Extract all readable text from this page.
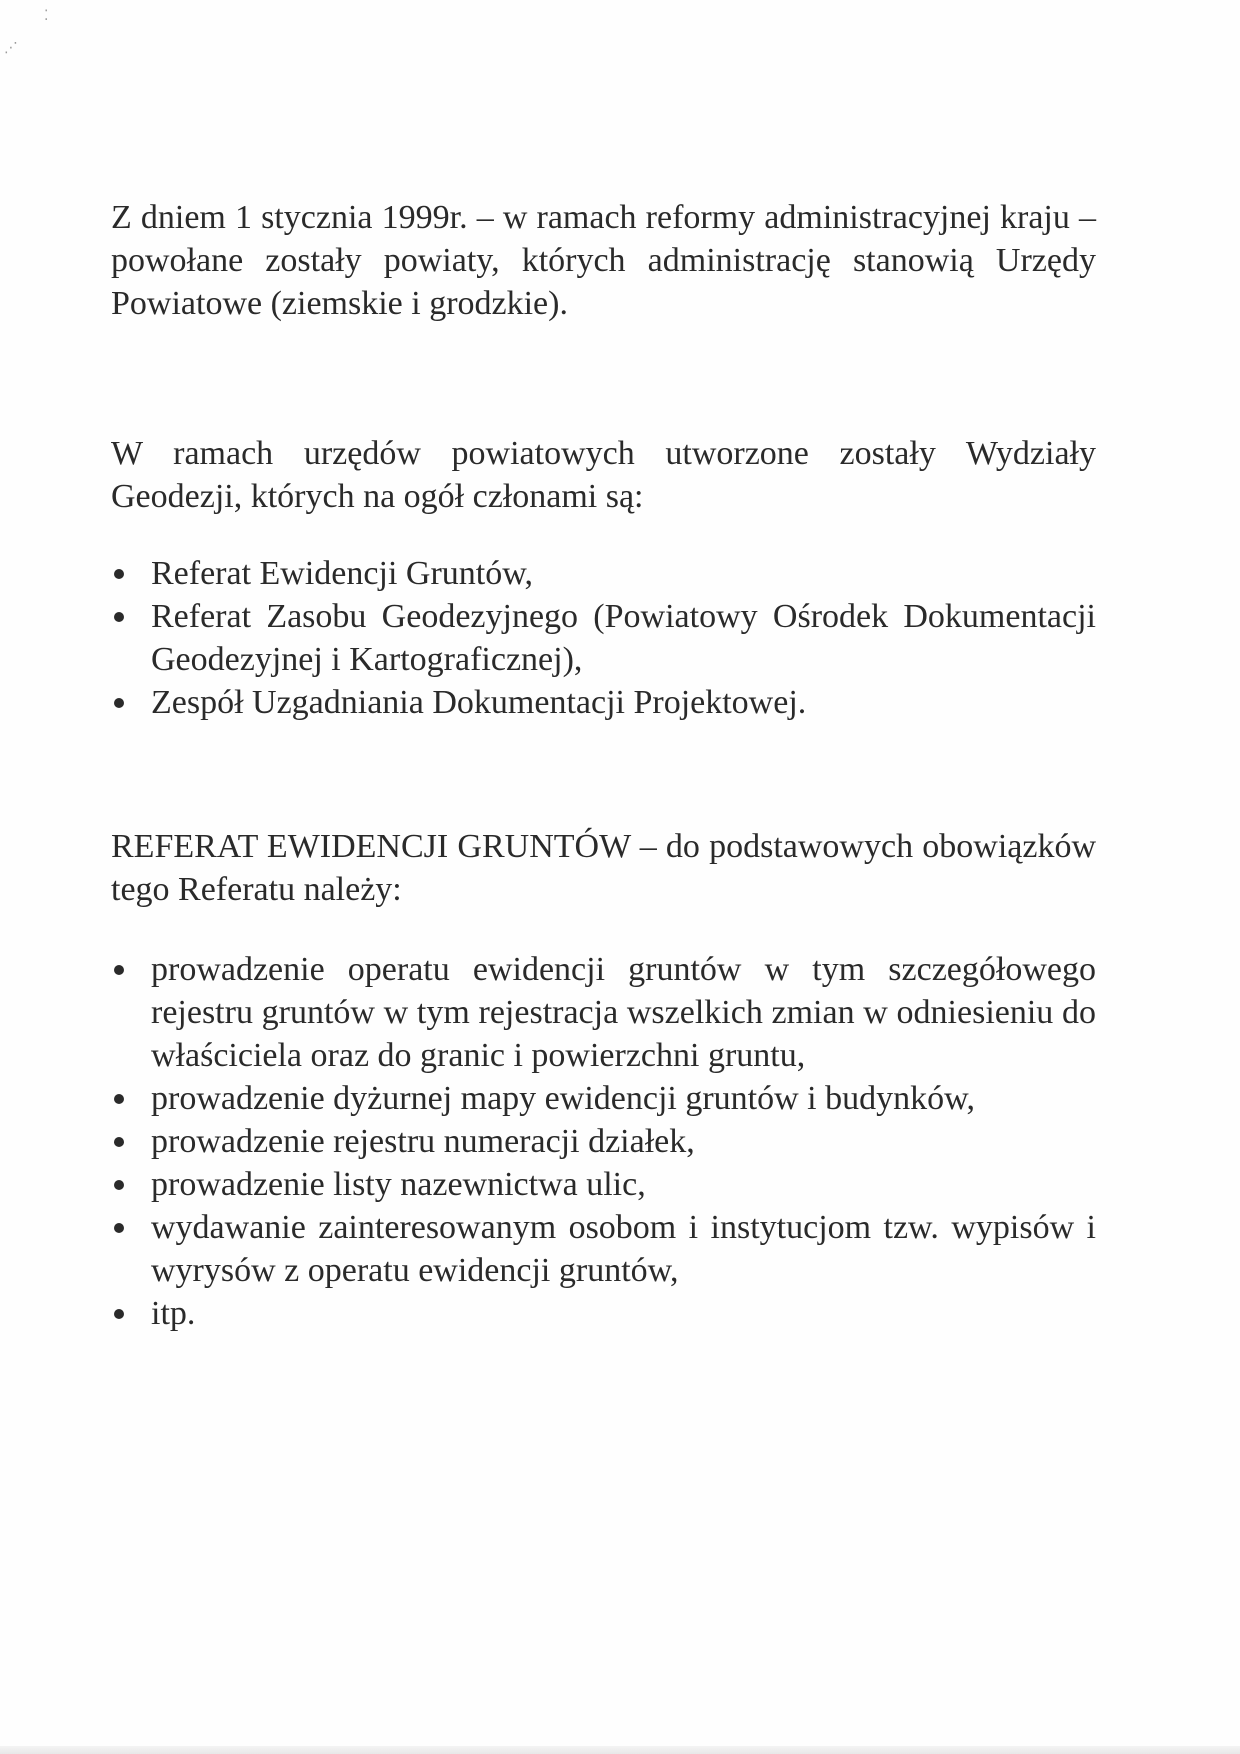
⁚
⋰

Z dniem 1 stycznia 1999r. – w ramach reformy administracyjnej kraju – powołane zostały powiaty, których administrację stanowią Urzędy Powiatowe (ziemskie i grodzkie).

W ramach urzędów powiatowych utworzone zostały Wydziały Geodezji, których na ogół członami są:

Referat Ewidencji Gruntów,
Referat Zasobu Geodezyjnego (Powiatowy Ośrodek Dokumentacji Geodezyjnej i Kartograficznej),
Zespół Uzgadniania Dokumentacji Projektowej.

REFERAT EWIDENCJI GRUNTÓW – do podstawowych obowiązków tego Referatu należy:

prowadzenie operatu ewidencji gruntów w tym szczegółowego rejestru gruntów w tym rejestracja wszelkich zmian w odniesieniu do właściciela oraz do granic i powierzchni gruntu,
prowadzenie dyżurnej mapy ewidencji gruntów i budynków,
prowadzenie rejestru numeracji działek,
prowadzenie listy nazewnictwa ulic,
wydawanie zainteresowanym osobom i instytucjom tzw. wypisów i wyrysów z operatu ewidencji gruntów,
itp.
